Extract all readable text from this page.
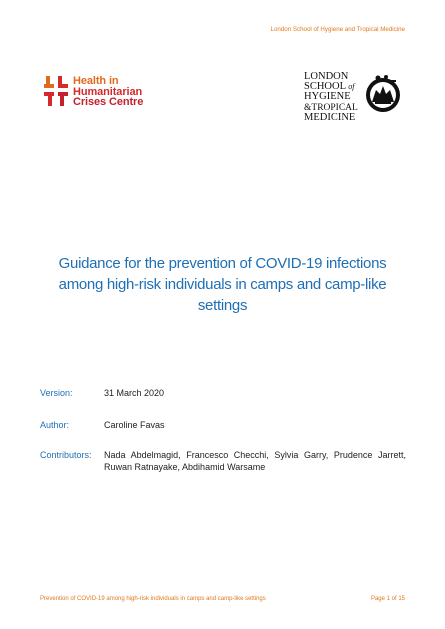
London School of Hygiene and Tropical Medicine
Health in
Humanitarian
Crises Centre
LONDON
SCHOOL of
HYGIENE
&TROPICAL
MEDICINE
Guidance for the prevention of COVID-19 infections among high-risk individuals in camps and camp-like settings
Version:	31 March 2020
Author:	Caroline Favas
Contributors:	Nada Abdelmagid, Francesco Checchi, Sylvia Garry, Prudence Jarrett, Ruwan Ratnayake, Abdihamid Warsame
Prevention of COVID-19 among high-risk individuals in camps and camp-like settings	Page 1 of 15
